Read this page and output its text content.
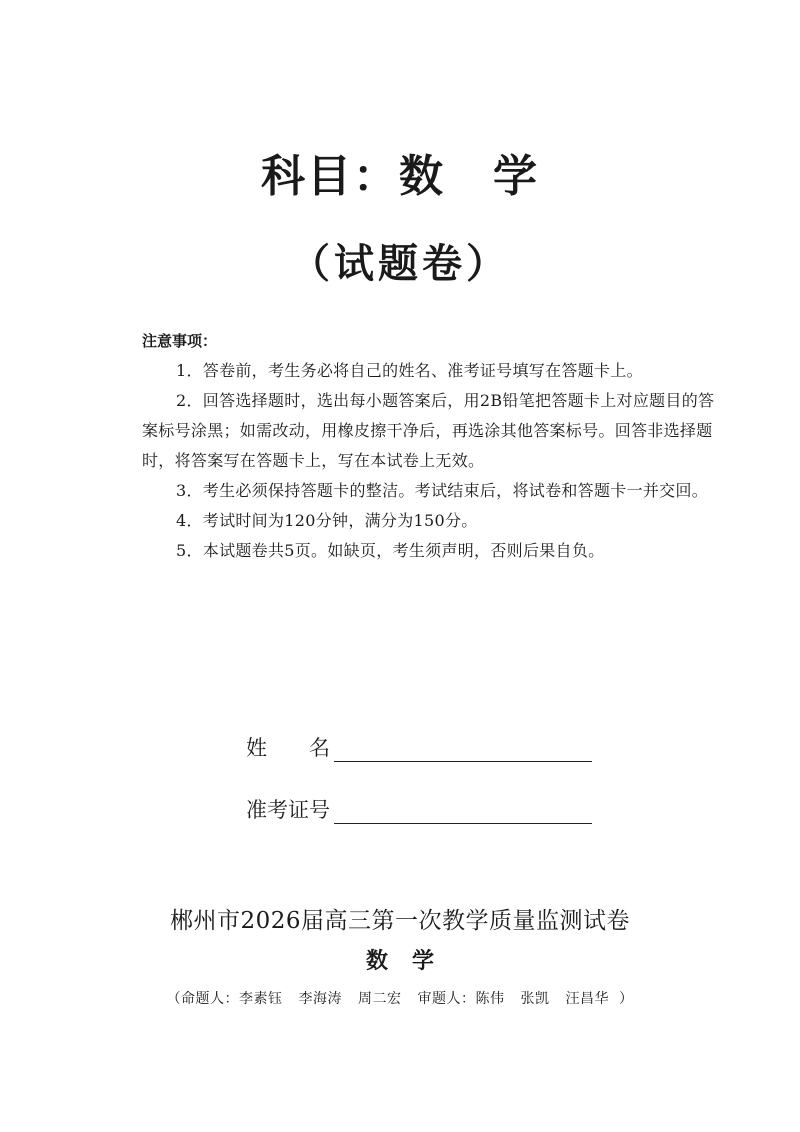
科目：数 学
（试题卷）
注意事项：
1．答卷前，考生务必将自己的姓名、准考证号填写在答题卡上。
2．回答选择题时，选出每小题答案后，用2B铅笔把答题卡上对应题目的答案标号涂黑；如需改动，用橡皮擦干净后，再选涂其他答案标号。回答非选择题时，将答案写在答题卡上，写在本试卷上无效。
3．考生必须保持答题卡的整洁。考试结束后，将试卷和答题卡一并交回。
4．考试时间为120分钟，满分为150分。
5．本试题卷共5页。如缺页，考生须声明，否则后果自负。
姓 名
准考证号
郴州市2026届高三第一次教学质量监测试卷
数 学
（命题人：李素钰 李海涛 周二宏 审题人：陈伟 张凯 汪昌华 ）
